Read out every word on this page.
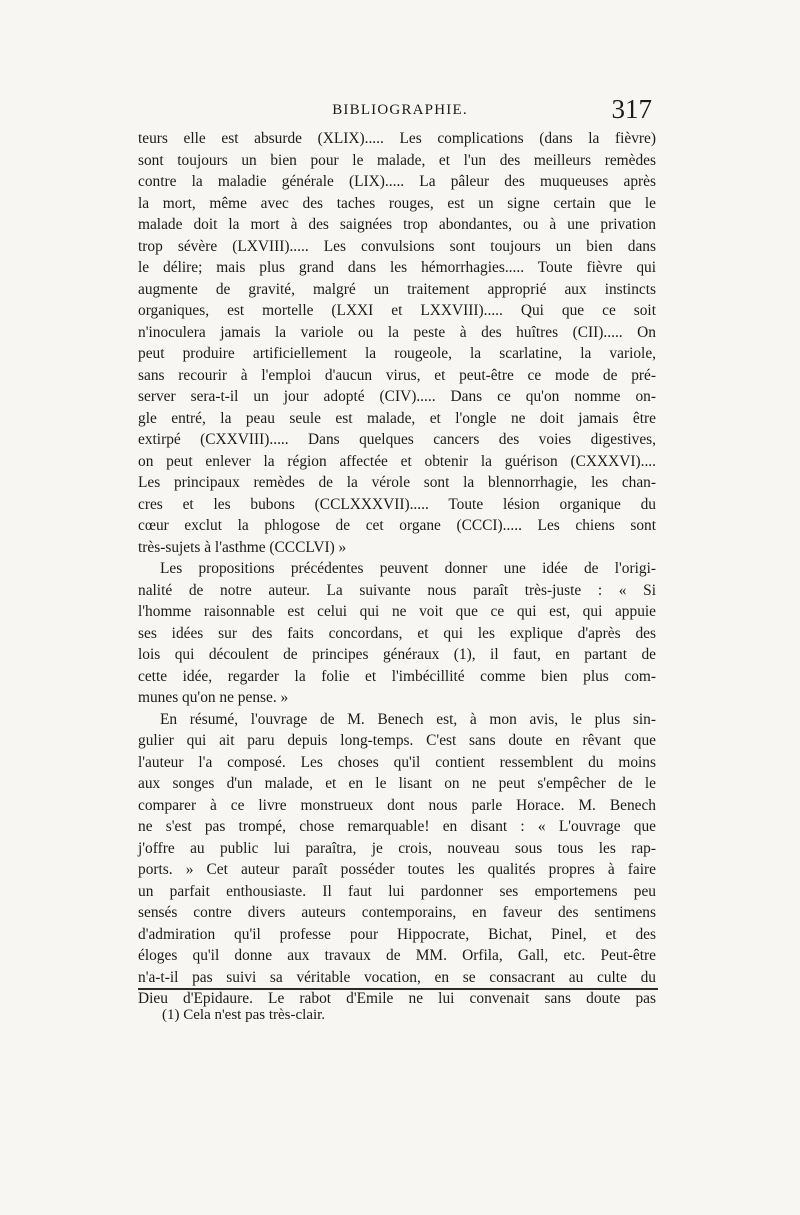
BIBLIOGRAPHIE.	317
teurs elle est absurde (XLIX)..... Les complications (dans la fièvre)
sont toujours un bien pour le malade, et l'un des meilleurs remèdes
contre la maladie générale (LIX)..... La pâleur des muqueuses après
la mort, même avec des taches rouges, est un signe certain que le
malade doit la mort à des saignées trop abondantes, ou à une privation
trop sévère (LXVIII)..... Les convulsions sont toujours un bien dans
le délire; mais plus grand dans les hémorrhagies..... Toute fièvre qui
augmente de gravité, malgré un traitement approprié aux instincts
organiques, est mortelle (LXXI et LXXVIII)..... Qui que ce soit
n'inoculera jamais la variole ou la peste à des huîtres (CII)..... On
peut produire artificiellement la rougeole, la scarlatine, la variole,
sans recourir à l'emploi d'aucun virus, et peut-être ce mode de pré-
server sera-t-il un jour adopté (CIV)..... Dans ce qu'on nomme on-
gle entré, la peau seule est malade, et l'ongle ne doit jamais être
extirpé (CXXVIII)..... Dans quelques cancers des voies digestives,
on peut enlever la région affectée et obtenir la guérison (CXXXVI)....
Les principaux remèdes de la vérole sont la blennorrhagie, les chan-
cres et les bubons (CCLXXXVII)..... Toute lésion organique du
cœur exclut la phlogose de cet organe (CCCI)..... Les chiens sont
très-sujets à l'asthme (CCCLVI) »
Les propositions précédentes peuvent donner une idée de l'origi-
nalité de notre auteur. La suivante nous paraît très-juste : « Si
l'homme raisonnable est celui qui ne voit que ce qui est, qui appuie
ses idées sur des faits concordans, et qui les explique d'après des
lois qui découlent de principes généraux (1), il faut, en partant de
cette idée, regarder la folie et l'imbécillité comme bien plus com-
munes qu'on ne pense. »
En résumé, l'ouvrage de M. Benech est, à mon avis, le plus sin-
gulier qui ait paru depuis long-temps. C'est sans doute en rêvant que
l'auteur l'a composé. Les choses qu'il contient ressemblent du moins
aux songes d'un malade, et en le lisant on ne peut s'empêcher de le
comparer à ce livre monstrueux dont nous parle Horace. M. Benech
ne s'est pas trompé, chose remarquable! en disant : « L'ouvrage que
j'offre au public lui paraîtra, je crois, nouveau sous tous les rap-
ports. » Cet auteur paraît posséder toutes les qualités propres à faire
un parfait enthousiaste. Il faut lui pardonner ses emportemens peu
sensés contre divers auteurs contemporains, en faveur des sentimens
d'admiration qu'il professe pour Hippocrate, Bichat, Pinel, et des
éloges qu'il donne aux travaux de MM. Orfila, Gall, etc. Peut-être
n'a-t-il pas suivi sa véritable vocation, en se consacrant au culte du
Dieu d'Epidaure. Le rabot d'Emile ne lui convenait sans doute pas
(1) Cela n'est pas très-clair.
